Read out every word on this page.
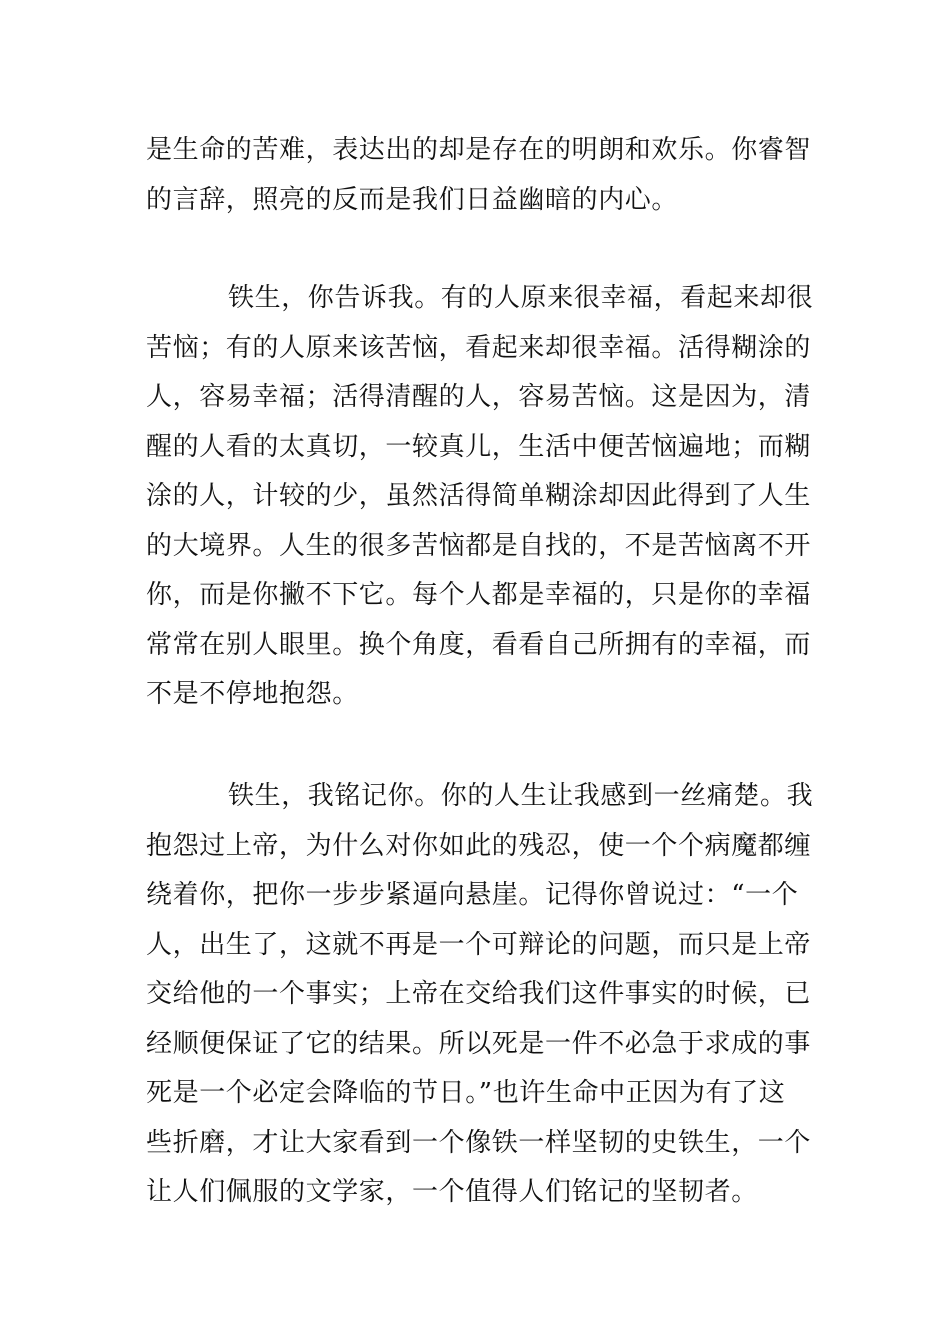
是生命的苦难，表达出的却是存在的明朗和欢乐。你睿智
的言辞，照亮的反而是我们日益幽暗的内心。

铁生，你告诉我。有的人原来很幸福，看起来却很
苦恼；有的人原来该苦恼，看起来却很幸福。活得糊涂的
人，容易幸福；活得清醒的人，容易苦恼。这是因为，清
醒的人看的太真切，一较真儿，生活中便苦恼遍地；而糊
涂的人，计较的少，虽然活得简单糊涂却因此得到了人生
的大境界。人生的很多苦恼都是自找的，不是苦恼离不开
你，而是你撇不下它。每个人都是幸福的，只是你的幸福
常常在别人眼里。换个角度，看看自己所拥有的幸福，而
不是不停地抱怨。

铁生，我铭记你。你的人生让我感到一丝痛楚。我
抱怨过上帝，为什么对你如此的残忍，使一个个病魔都缠
绕着你，把你一步步紧逼向悬崖。记得你曾说过：“一个
人，出生了，这就不再是一个可辩论的问题，而只是上帝
交给他的一个事实；上帝在交给我们这件事实的时候，已
经顺便保证了它的结果。所以死是一件不必急于求成的事
死是一个必定会降临的节日。”也许生命中正因为有了这
些折磨，才让大家看到一个像铁一样坚韧的史铁生，一个
让人们佩服的文学家，一个值得人们铭记的坚韧者。
